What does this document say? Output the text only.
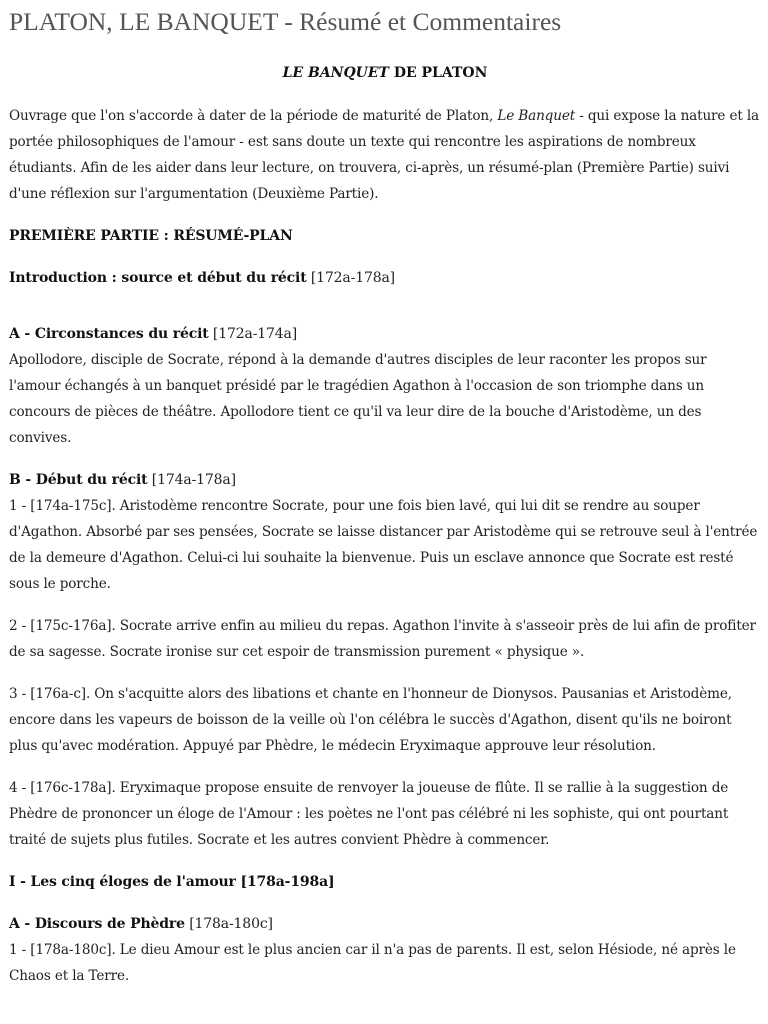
PLATON, LE BANQUET - Résumé et Commentaires
LE BANQUET DE PLATON

Ouvrage que l'on s'accorde à dater de la période de maturité de Platon, Le Banquet - qui expose la nature et la portée philosophiques de l'amour - est sans doute un texte qui rencontre les aspirations de nombreux étudiants. Afin de les aider dans leur lecture, on trouvera, ci-après, un résumé-plan (Première Partie) suivi d'une réflexion sur l'argumentation (Deuxième Partie).

PREMIÈRE PARTIE : RÉSUMÉ-PLAN

Introduction : source et début du récit [172a-178a]

A - Circonstances du récit [172a-174a]

Apollodore, disciple de Socrate, répond à la demande d'autres disciples de leur raconter les propos sur l'amour échangés à un banquet présidé par le tragédien Agathon à l'occasion de son triomphe dans un concours de pièces de théâtre. Apollodore tient ce qu'il va leur dire de la bouche d'Aristodème, un des convives.

B - Début du récit [174a-178a]

1 - [174a-175c]. Aristodème rencontre Socrate, pour une fois bien lavé, qui lui dit se rendre au souper d'Agathon. Absorbé par ses pensées, Socrate se laisse distancer par Aristodème qui se retrouve seul à l'entrée de la demeure d'Agathon. Celui-ci lui souhaite la bienvenue. Puis un esclave annonce que Socrate est resté sous le porche.

2 - [175c-176a]. Socrate arrive enfin au milieu du repas. Agathon l'invite à s'asseoir près de lui afin de profiter de sa sagesse. Socrate ironise sur cet espoir de transmission purement « physique ».

3 - [176a-c]. On s'acquitte alors des libations et chante en l'honneur de Dionysos. Pausanias et Aristodème, encore dans les vapeurs de boisson de la veille où l'on célébra le succès d'Agathon, disent qu'ils ne boiront plus qu'avec modération. Appuyé par Phèdre, le médecin Eryximaque approuve leur résolution.

4 - [176c-178a]. Eryximaque propose ensuite de renvoyer la joueuse de flûte. Il se rallie à la suggestion de Phèdre de prononcer un éloge de l'Amour : les poètes ne l'ont pas célébré ni les sophiste, qui ont pourtant traité de sujets plus futiles. Socrate et les autres convient Phèdre à commencer.

I - Les cinq éloges de l'amour [178a-198a]

A - Discours de Phèdre [178a-180c]

1 - [178a-180c]. Le dieu Amour est le plus ancien car il n'a pas de parents. Il est, selon Hésiode, né après le Chaos et la Terre.
